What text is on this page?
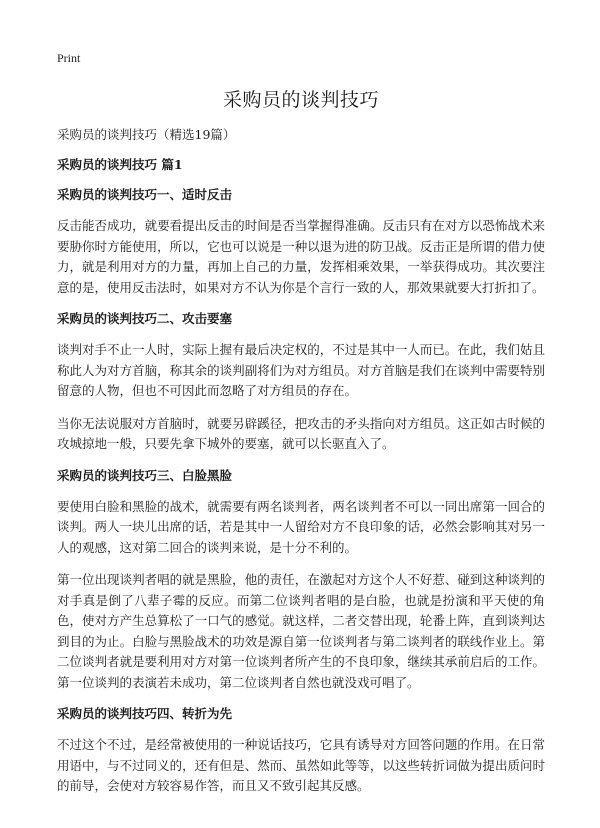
Print
采购员的谈判技巧

采购员的谈判技巧（精选19篇）

采购员的谈判技巧 篇1

采购员的谈判技巧一、适时反击

反击能否成功，就要看提出反击的时间是否当掌握得准确。反击只有在对方以恐怖战术来要胁你时方能使用，所以，它也可以说是一种以退为进的防卫战。反击正是所谓的借力使力，就是利用对方的力量，再加上自己的力量，发挥相乘效果，一举获得成功。其次要注意的是，使用反击法时，如果对方不认为你是个言行一致的人，那效果就要大打折扣了。

采购员的谈判技巧二、攻击要塞

谈判对手不止一人时，实际上握有最后决定权的，不过是其中一人而已。在此，我们姑且称此人为对方首脑，称其余的谈判副将们为对方组员。对方首脑是我们在谈判中需要特别留意的人物，但也不可因此而忽略了对方组员的存在。

当你无法说服对方首脑时，就要另辟蹊径，把攻击的矛头指向对方组员。这正如古时候的攻城掠地一般，只要先拿下城外的要塞，就可以长驱直入了。

采购员的谈判技巧三、白脸黑脸

要使用白脸和黑脸的战术，就需要有两名谈判者，两名谈判者不可以一同出席第一回合的谈判。两人一块儿出席的话，若是其中一人留给对方不良印象的话，必然会影响其对另一人的观感，这对第二回合的谈判来说，是十分不利的。

第一位出现谈判者唱的就是黑脸，他的责任，在激起对方这个人不好惹、碰到这种谈判的对手真是倒了八辈子霉的反应。而第二位谈判者唱的是白脸，也就是扮演和平天使的角色，使对方产生总算松了一口气的感觉。就这样，二者交替出现，轮番上阵，直到谈判达到目的为止。白脸与黑脸战术的功效是源自第一位谈判者与第二谈判者的联线作业上。第二位谈判者就是要利用对方对第一位谈判者所产生的不良印象，继续其承前启后的工作。第一位谈判的表演若未成功，第二位谈判者自然也就没戏可唱了。

采购员的谈判技巧四、转折为先

不过这个不过，是经常被使用的一种说话技巧，它具有诱导对方回答问题的作用。在日常用语中，与不过同义的，还有但是、然而、虽然如此等等，以这些转折词做为提出质问时的前导，会使对方较容易作答，而且又不致引起其反感。
